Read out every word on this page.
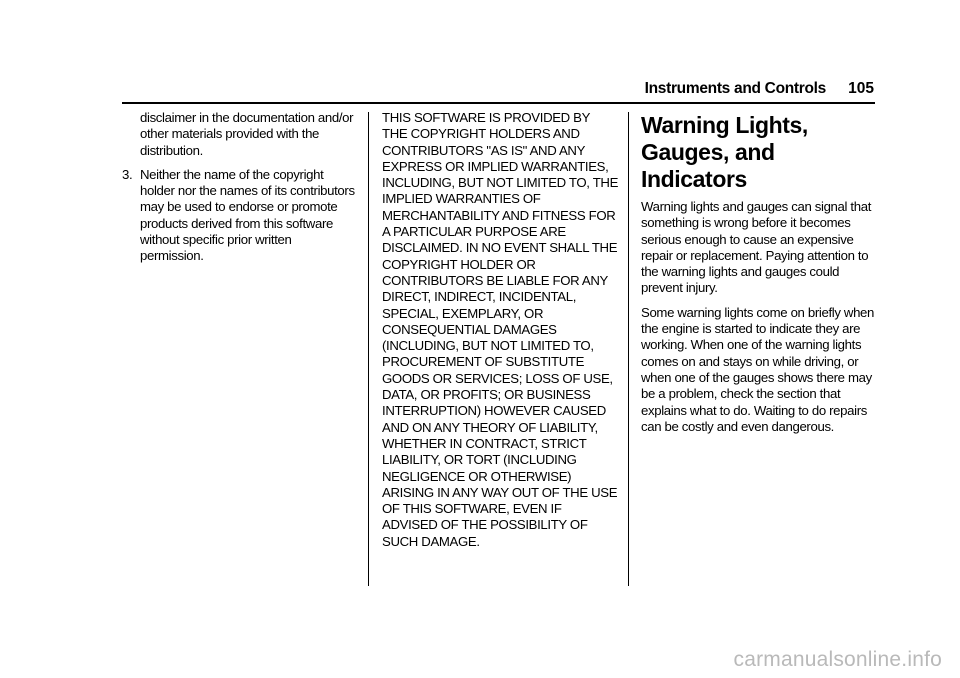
Instruments and Controls 105

disclaimer in the documentation and/or other materials provided with the distribution.

3. Neither the name of the copyright holder nor the names of its contributors may be used to endorse or promote products derived from this software without specific prior written permission.

THIS SOFTWARE IS PROVIDED BY THE COPYRIGHT HOLDERS AND CONTRIBUTORS "AS IS" AND ANY EXPRESS OR IMPLIED WARRANTIES, INCLUDING, BUT NOT LIMITED TO, THE IMPLIED WARRANTIES OF MERCHANTABILITY AND FITNESS FOR A PARTICULAR PURPOSE ARE DISCLAIMED. IN NO EVENT SHALL THE COPYRIGHT HOLDER OR CONTRIBUTORS BE LIABLE FOR ANY DIRECT, INDIRECT, INCIDENTAL, SPECIAL, EXEMPLARY, OR CONSEQUENTIAL DAMAGES (INCLUDING, BUT NOT LIMITED TO, PROCUREMENT OF SUBSTITUTE GOODS OR SERVICES; LOSS OF USE, DATA, OR PROFITS; OR BUSINESS INTERRUPTION) HOWEVER CAUSED AND ON ANY THEORY OF LIABILITY, WHETHER IN CONTRACT, STRICT LIABILITY, OR TORT (INCLUDING NEGLIGENCE OR OTHERWISE) ARISING IN ANY WAY OUT OF THE USE OF THIS SOFTWARE, EVEN IF ADVISED OF THE POSSIBILITY OF SUCH DAMAGE.

Warning Lights, Gauges, and Indicators

Warning lights and gauges can signal that something is wrong before it becomes serious enough to cause an expensive repair or replacement. Paying attention to the warning lights and gauges could prevent injury.

Some warning lights come on briefly when the engine is started to indicate they are working. When one of the warning lights comes on and stays on while driving, or when one of the gauges shows there may be a problem, check the section that explains what to do. Waiting to do repairs can be costly and even dangerous.

carmanualsonline.info
